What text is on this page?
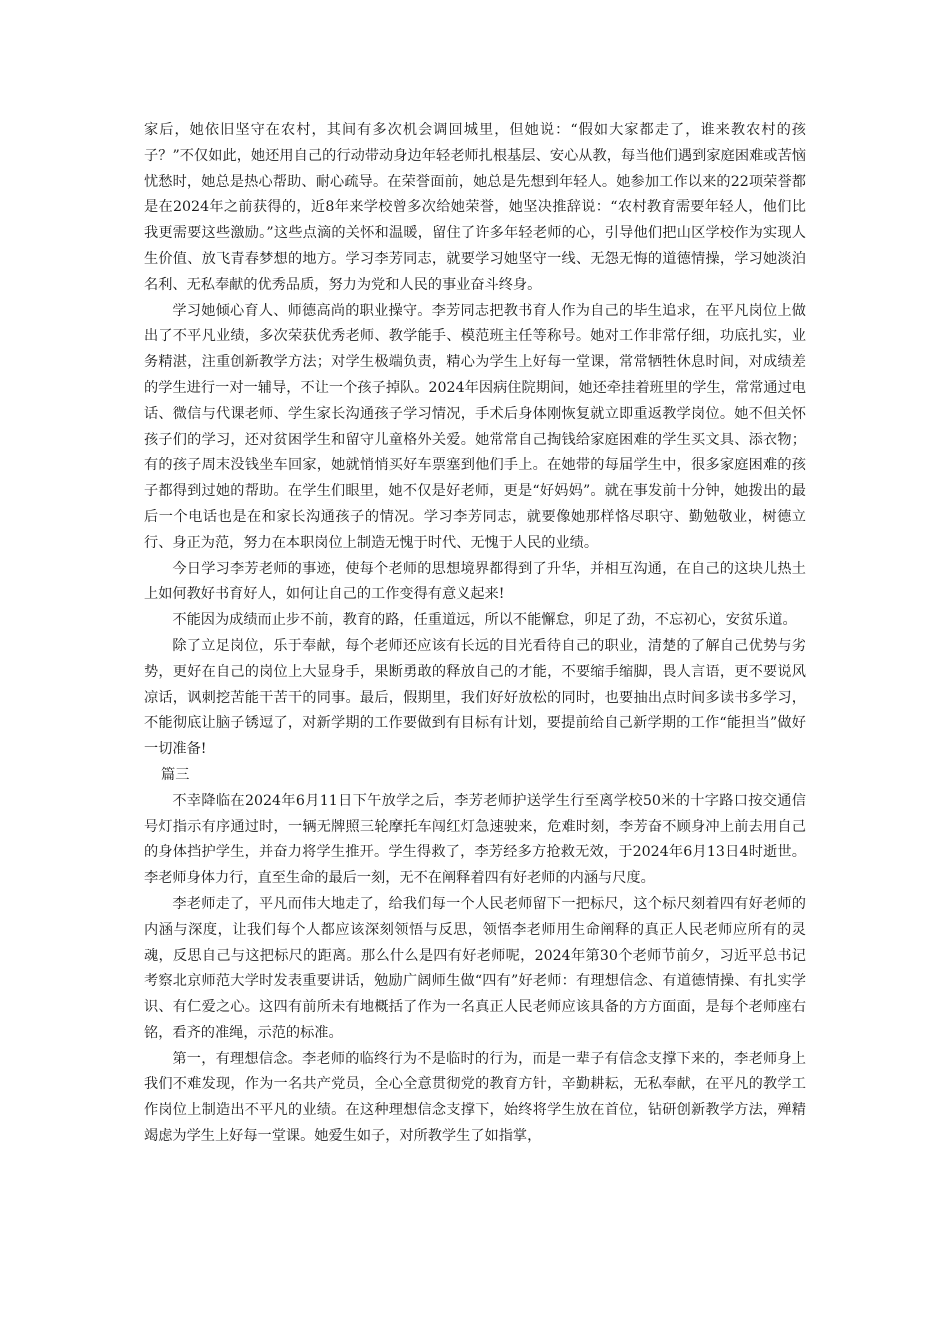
家后，她依旧坚守在农村，其间有多次机会调回城里，但她说：“假如大家都走了，谁来教农村的孩子？”不仅如此，她还用自己的行动带动身边年轻老师扎根基层、安心从教，每当他们遇到家庭困难或苦恼忧愁时，她总是热心帮助、耐心疏导。在荣誉面前，她总是先想到年轻人。她参加工作以来的22项荣誉都是在2024年之前获得的，近8年来学校曾多次给她荣誉，她坚决推辞说：“农村教育需要年轻人，他们比我更需要这些激励。”这些点滴的关怀和温暖，留住了许多年轻老师的心，引导他们把山区学校作为实现人生价值、放飞青春梦想的地方。学习李芳同志，就要学习她坚守一线、无怨无悔的道德情操，学习她淡泊名利、无私奉献的优秀品质，努力为党和人民的事业奋斗终身。

学习她倾心育人、师德高尚的职业操守。李芳同志把教书育人作为自己的毕生追求，在平凡岗位上做出了不平凡业绩，多次荣获优秀老师、教学能手、模范班主任等称号。她对工作非常仔细，功底扎实，业务精湛，注重创新教学方法；对学生极端负责，精心为学生上好每一堂课，常常牺牲休息时间，对成绩差的学生进行一对一辅导，不让一个孩子掉队。2024年因病住院期间，她还牵挂着班里的学生，常常通过电话、微信与代课老师、学生家长沟通孩子学习情况，手术后身体刚恢复就立即重返教学岗位。她不但关怀孩子们的学习，还对贫困学生和留守儿童格外关爱。她常常自己掏钱给家庭困难的学生买文具、添衣物；有的孩子周末没钱坐车回家，她就悄悄买好车票塞到他们手上。在她带的每届学生中，很多家庭困难的孩子都得到过她的帮助。在学生们眼里，她不仅是好老师，更是“好妈妈”。就在事发前十分钟，她拨出的最后一个电话也是在和家长沟通孩子的情况。学习李芳同志，就要像她那样恪尽职守、勤勉敬业，树德立行、身正为范，努力在本职岗位上制造无愧于时代、无愧于人民的业绩。

今日学习李芳老师的事迹，使每个老师的思想境界都得到了升华，并相互沟通，在自己的这块儿热土上如何教好书育好人，如何让自己的工作变得有意义起来!

不能因为成绩而止步不前，教育的路，任重道远，所以不能懈怠，卯足了劲，不忘初心，安贫乐道。

除了立足岗位，乐于奉献，每个老师还应该有长远的目光看待自己的职业，清楚的了解自己优势与劣势，更好在自己的岗位上大显身手，果断勇敢的释放自己的才能，不要缩手缩脚，畏人言语，更不要说风凉话，讽刺挖苦能干苦干的同事。最后，假期里，我们好好放松的同时，也要抽出点时间多读书多学习，不能彻底让脑子锈逗了，对新学期的工作要做到有目标有计划，要提前给自己新学期的工作“能担当”做好一切准备!

篇三

不幸降临在2024年6月11日下午放学之后，李芳老师护送学生行至离学校50米的十字路口按交通信号灯指示有序通过时，一辆无牌照三轮摩托车闯红灯急速驶来，危难时刻，李芳奋不顾身冲上前去用自己的身体挡护学生，并奋力将学生推开。学生得救了，李芳经多方抢救无效，于2024年6月13日4时逝世。李老师身体力行，直至生命的最后一刻，无不在阐释着四有好老师的内涵与尺度。

李老师走了，平凡而伟大地走了，给我们每一个人民老师留下一把标尺，这个标尺刻着四有好老师的内涵与深度，让我们每个人都应该深刻领悟与反思，领悟李老师用生命阐释的真正人民老师应所有的灵魂，反思自己与这把标尺的距离。那么什么是四有好老师呢，2024年第30个老师节前夕，习近平总书记考察北京师范大学时发表重要讲话，勉励广阔师生做“四有”好老师：有理想信念、有道德情操、有扎实学识、有仁爱之心。这四有前所未有地概括了作为一名真正人民老师应该具备的方方面面，是每个老师座右铭，看齐的准绳，示范的标准。

第一，有理想信念。李老师的临终行为不是临时的行为，而是一辈子有信念支撑下来的，李老师身上我们不难发现，作为一名共产党员，全心全意贯彻党的教育方针，辛勤耕耘，无私奉献，在平凡的教学工作岗位上制造出不平凡的业绩。在这种理想信念支撑下，始终将学生放在首位，钻研创新教学方法，殚精竭虑为学生上好每一堂课。她爱生如子，对所教学生了如指掌，
